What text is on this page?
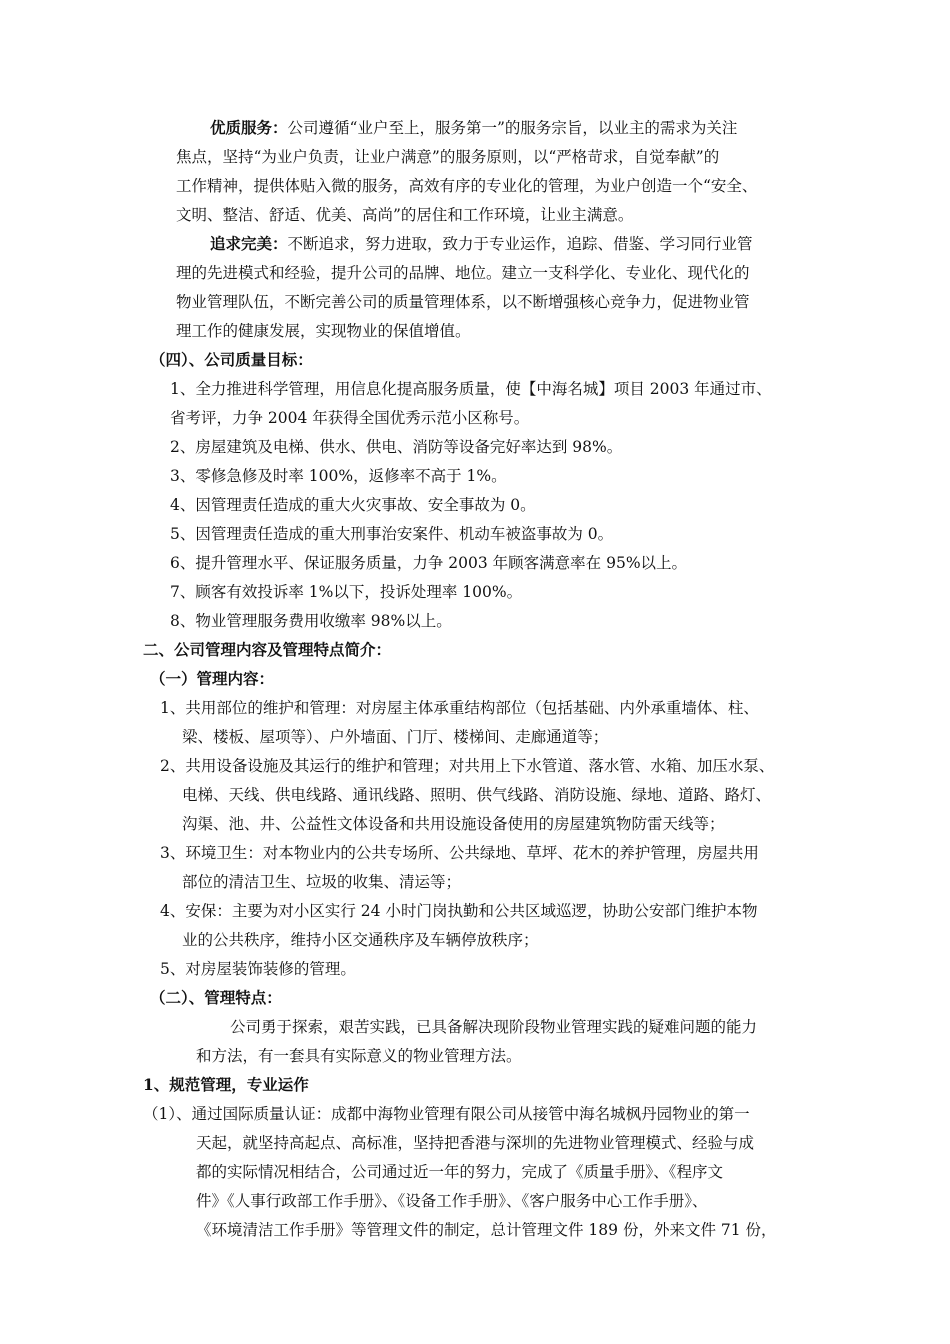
优质服务：公司遵循“业户至上，服务第一”的服务宗旨，以业主的需求为关注
焦点，坚持“为业户负责，让业户满意”的服务原则，以“严格苛求，自觉奉献”的
工作精神，提供体贴入微的服务，高效有序的专业化的管理，为业户创造一个“安全、
文明、整洁、舒适、优美、高尚”的居住和工作环境，让业主满意。
追求完美：不断追求，努力进取，致力于专业运作，追踪、借鉴、学习同行业管
理的先进模式和经验，提升公司的品牌、地位。建立一支科学化、专业化、现代化的
物业管理队伍，不断完善公司的质量管理体系，以不断增强核心竞争力，促进物业管
理工作的健康发展，实现物业的保值增值。
（四）、公司质量目标：
1、全力推进科学管理，用信息化提高服务质量，使【中海名城】项目 2003 年通过市、
省考评，力争 2004 年获得全国优秀示范小区称号。
2、房屋建筑及电梯、供水、供电、消防等设备完好率达到 98%。
3、零修急修及时率 100%，返修率不高于 1%。
4、因管理责任造成的重大火灾事故、安全事故为 0。
5、因管理责任造成的重大刑事治安案件、机动车被盗事故为 0。
6、提升管理水平、保证服务质量，力争 2003 年顾客满意率在 95%以上。
7、顾客有效投诉率 1%以下，投诉处理率 100%。
8、物业管理服务费用收缴率 98%以上。
二、公司管理内容及管理特点简介：
（一）管理内容：
1、共用部位的维护和管理：对房屋主体承重结构部位（包括基础、内外承重墙体、柱、
梁、楼板、屋项等）、户外墙面、门厅、楼梯间、走廊通道等；
2、共用设备设施及其运行的维护和管理；对共用上下水管道、落水管、水箱、加压水泵、
电梯、天线、供电线路、通讯线路、照明、供气线路、消防设施、绿地、道路、路灯、
沟渠、池、井、公益性文体设备和共用设施设备使用的房屋建筑物防雷天线等；
3、环境卫生：对本物业内的公共专场所、公共绿地、草坪、花木的养护管理，房屋共用
部位的清洁卫生、垃圾的收集、清运等；
4、安保：主要为对小区实行 24 小时门岗执勤和公共区域巡逻，协助公安部门维护本物
业的公共秩序，维持小区交通秩序及车辆停放秩序；
5、对房屋装饰装修的管理。
（二）、管理特点：
公司勇于探索，艰苦实践，已具备解决现阶段物业管理实践的疑难问题的能力
和方法，有一套具有实际意义的物业管理方法。
1、规范管理，专业运作
（1）、通过国际质量认证：成都中海物业管理有限公司从接管中海名城枫丹园物业的第一
天起，就坚持高起点、高标准，坚持把香港与深圳的先进物业管理模式、经验与成
都的实际情况相结合，公司通过近一年的努力，完成了《质量手册》、《程序文
件》《人事行政部工作手册》、《设备工作手册》、《客户服务中心工作手册》、
《环境清洁工作手册》等管理文件的制定，总计管理文件 189 份，外来文件 71 份，
